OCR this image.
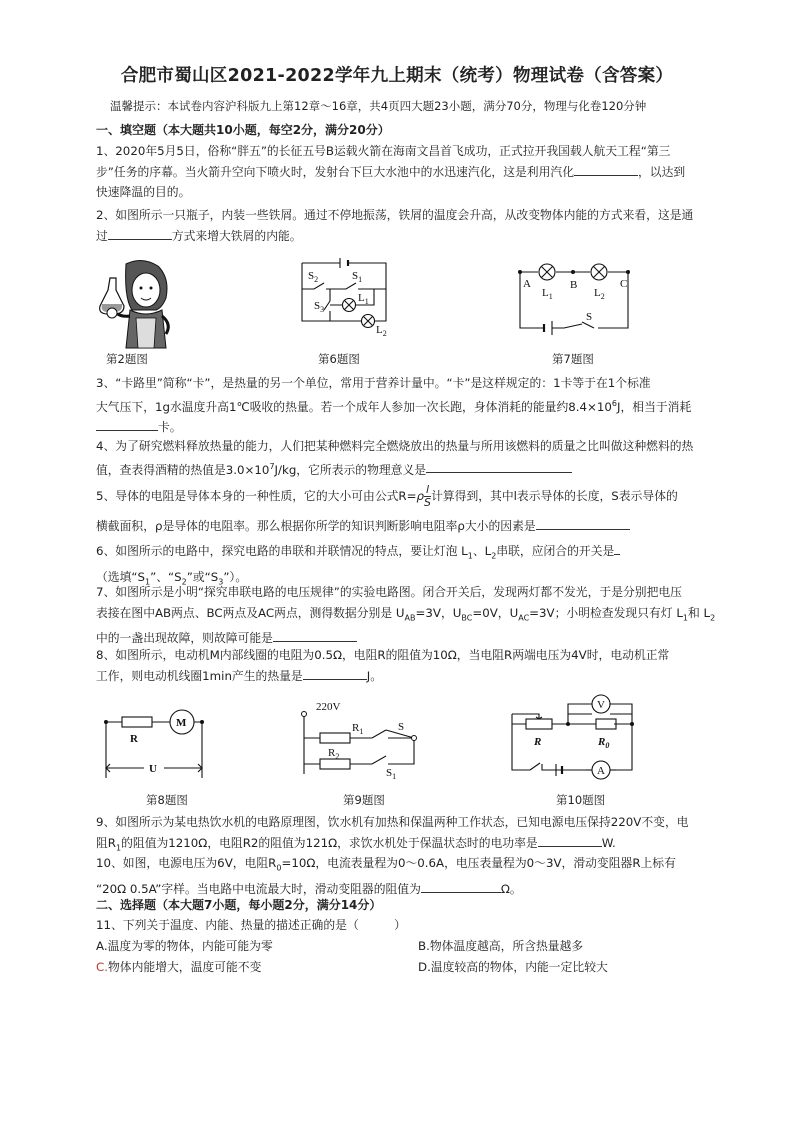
合肥市蜀山区2021-2022学年九上期末（统考）物理试卷（含答案）
温馨提示：本试卷内容沪科版九上第12章～16章，共4页四大题23小题，满分70分，物理与化卷120分钟
一、填空题（本大题共10小题，每空2分，满分20分）
1、2020年5月5日，俗称“胖五”的长征五号B运载火箭在海南文昌首飞成功，正式拉开我国载人航天工程“第三
步”任务的序幕。当火箭升空向下喷火时，发射台下巨大水池中的水迅速汽化，这是利用汽化	，以达到
快速降温的目的。
2、如图所示一只瓶子，内装一些铁屑。通过不停地振荡，铁屑的温度会升高，从改变物体内能的方式来看，这是通
过	方式来增大铁屑的内能。
$S_2$	$S_1$
$S_3$
$L_1$
$L_2$
A	B	C
$L_1$	$L_2$
S
第2题图	第6题图	第7题图
3、“卡路里”简称“卡”，是热量的另一个单位，常用于营养计量中。“卡”是这样规定的：1卡等于在1个标准
大气压下，1g水温度升高1℃吸收的热量。若一个成年人参加一次长跑，身体消耗的能量约$8.4\times 10^6J$，相当于消耗
卡。
4、为了研究燃料释放热量的能力，人们把某种燃料完全燃烧放出的热量与所用该燃料的质量之比叫做这种燃料的热
值，查表得酒精的热值是$3.0\times 10^7J/kg$，它所表示的物理意义是
5、导体的电阻是导体本身的一种性质，它的大小可由公式$R=\rho \frac{l}{S}$ 计算得到，其中l表示导体的长度，S表示导体的
横截面积，ρ是导体的电阻率。那么根据你所学的知识判断影响电阻率ρ大小的因素是
6、如图所示的电路中，探究电路的串联和并联情况的特点，要让灯泡 $L_1$、$L_2$串联，应闭合的开关是
（选填“$S_1$”、“$S_2$”或“$S_3$”）。
7、如图所示是小明“探究串联电路的电压规律”的实验电路图。闭合开关后，发现两灯都不发光，于是分别把电压
表接在图中AB两点、BC两点及AC两点，测得数据分别是 $U_{AB}=3V$，$U_{BC}=0V$，$U_{AC}=3V$；小明检查发现只有灯 $L_1$和 $L_2$
中的一盏出现故障，则故障可能是
8、如图所示，电动机M内部线圈的电阻为0.5Ω，电阻R的阻值为10Ω，当电阻R两端电压为4V时，电动机正常
工作，则电动机线圈1min产生的热量是	J。
R
M
U
220V
$R_1$	S
$R_2$
$S_1$
V
A
R	$R_0$
第8题图	第9题图	第10题图
9、如图所示为某电热饮水机的电路原理图，饮水机有加热和保温两种工作状态，已知电源电压保持220V不变，电
阻$R_1$的阻值为1210Ω，电阻R2的阻值为121Ω，求饮水机处于保温状态时的电功率是	W.
10、如图，电源电压为6V，电阻$R_0=10\Omega$，电流表量程为0～0.6A，电压表量程为0～3V，滑动变阻器R上标有
“20Ω 0.5A”字样。当电路中电流最大时，滑动变阻器的阻值为	Ω。
二、选择题（本大题7小题，每小题2分，满分14分）
11、下列关于温度、内能、热量的描述正确的是（　　　）
A.温度为零的物体，内能可能为零	B.物体温度越高，所含热量越多
C.物体内能增大，温度可能不变	D.温度较高的物体，内能一定比较大
